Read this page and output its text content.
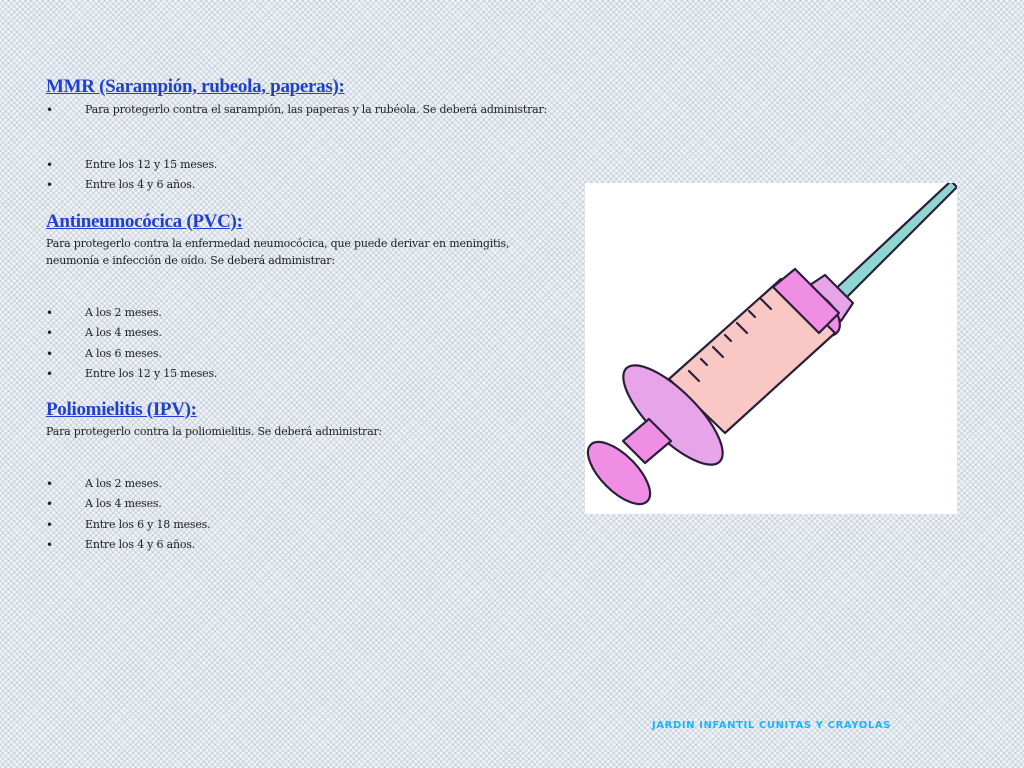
MMR (Sarampión, rubeola, paperas):
•	Para protegerlo contra el sarampión, las paperas y la rubéola. Se deberá administrar:
•	Entre los 12 y 15 meses.
•	Entre los 4 y 6 años.
Antineumocócica (PVC):

Para protegerlo contra la enfermedad neumocócica, que puede derivar en meningitis, neumonía e infección de oído. Se deberá administrar:

•	A los 2 meses.
•	A los 4 meses.
•	A los 6 meses.
•	Entre los 12 y 15 meses.
Poliomielitis (IPV):

Para protegerlo contra la poliomielitis. Se deberá administrar:

•	A los 2 meses.
•	A los 4 meses.
•	Entre los 6 y 18 meses.
•	Entre los 4 y 6 años.
JARDIN INFANTIL CUNITAS Y CRAYOLAS
